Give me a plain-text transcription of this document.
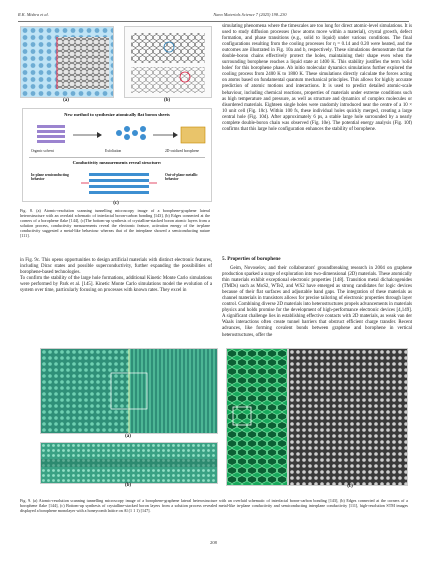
R.K. Mishra et al.	Nano Materials Science 7 (2025) 198–230
(a)	(b)
New method to synthesize atomically flat boron sheets
Organic solvent	Exfoliation	2D-oxidized borophene
Conductivity measurements reveal structure:
In-plane semiconducting behavior
Out-of-plane metallic behavior
(c)
Fig. 8. (a) Atomic-resolution scanning tunnelling microscopy image of a borophene-graphene lateral heterostructure with an overlaid schematic of interfacial boron-carbon bonding [143], (b) Edges connected at the corners of a borophene flake [144], (c)The bottom-up synthesis of crystalline-stacked boron atomic layers from a solution process, conductivity measurements reveal the electronic feature, activation energy of the in-plane conductivity suggested a metal-like behaviour whereas that of the interplane showed a semiconducting nature [111].
in Fig. 9c. This opens opportunities to design artificial materials with distinct electronic features, including Dirac states and possible superconductivity, further expanding the possibilities of borophene-based technologies.
To confirm the stability of the large hole formations, additional Kinetic Monte Carlo simulations were performed by Park et al. [145]. Kinetic Monte Carlo simulations model the evolution of a system over time, particularly focusing on processes with known rates. They excel in
simulating phenomena where the timescales are too long for direct atomic-level simulations. It is used to study diffusion processes (how atoms move within a material), crystal growth, defect formation, and phase transitions (e.g., solid to liquid) under various conditions. The final configurations resulting from the cooling processes for η = 0.14 and 0.20 were heated, and the outcomes are illustrated in Fig. 10a and b, respectively. These simulations demonstrate that the double-boron chains effectively protect the holes, maintaining their shape even when the surrounding borophene reaches a liquid state at 1400 K. This stability justifies the term 'solid holes' for this borophene phase. Ab initio molecular dynamics simulations further explored the cooling process from 2400 K to 1800 K. These simulations directly calculate the forces acting on atoms based on fundamental quantum mechanical principles. This allows for highly accurate prediction of atomic motions and interactions. It is used to predict detailed atomic-scale behaviour, including chemical reactions, properties of materials under extreme conditions such as high temperature and pressure, as well as structure and dynamics of complex molecules or disordered materials. Eighteen single holes were randomly introduced near the centre of a 10 × 10 unit cell (Fig. 10c). Within 100 fs, these individual holes quickly merged, creating a large central hole (Fig. 10d). After approximately 6 ps, a stable large hole surrounded by a nearly complete double-boron chain was observed (Fig. 10e). The potential energy analysis (Fig. 10f) confirms that this large hole configuration enhances the stability of borophene.
5. Properties of borophene
Geim, Novoselov, and their collaborators' groundbreaking research in 2004 on graphene production sparked a surge of exploration into two-dimensional (2D) materials. These atomically thin materials exhibit exceptional electronic properties [148]. Transition metal dichalcogenides (TMDs) such as MoS2, WTe2, and WS2 have emerged as strong candidates for logic devices because of their flat surfaces and adjustable band gaps. The integration of these materials as channel materials in transistors allows for precise tailoring of electronic properties through layer control. Combining diverse 2D materials into heterostructures propels advancements in materials physics and holds promise for the development of high-performance electronic devices [4,149]. A significant challenge lies in establishing effective contacts with 2D materials, as weak van der Waals interactions often create tunnel barriers that obstruct efficient charge transfer. Recent advances, like forming covalent bonds between graphene and borophene in vertical heterostructures, offer the
(a)
(b)	(c)
Fig. 9. (a) Atomic-resolution scanning tunnelling microscopy image of a borophene-graphene lateral heterostructure with an overlaid schematic of interfacial boron-carbon bonding [143], (b) Edges connected at the corners of a borophene flake [144], (c) Bottom-up synthesis of crystalline-stacked boron layers from a solution process revealed metal-like in-plane conductivity and semiconducting interplane conductivity [111], high-resolution STM images displayed a borophene monolayer with a honeycomb lattice on Al (1 1 1) [147].
208
